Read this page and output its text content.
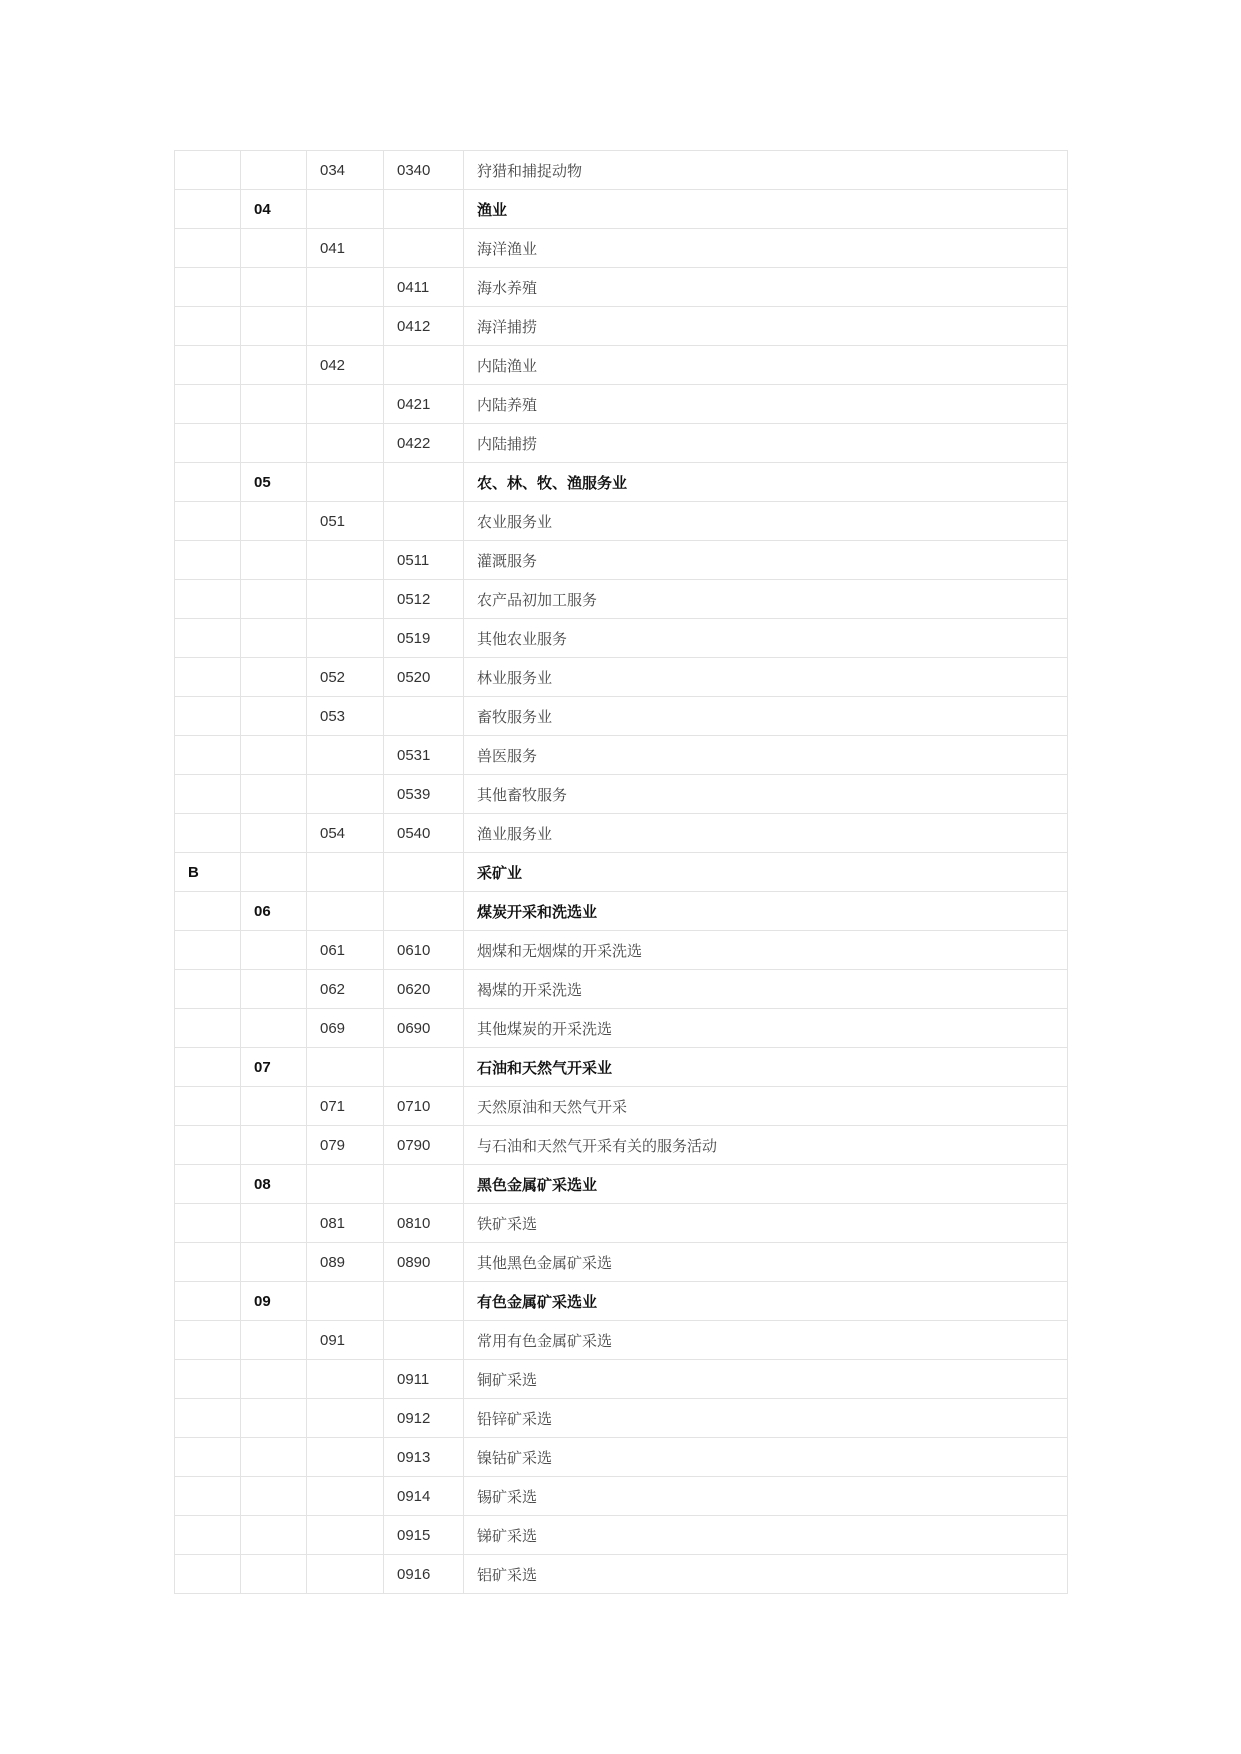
		034	0340	狩猎和捕捉动物
	04			渔业
		041		海洋渔业
			0411	海水养殖
			0412	海洋捕捞
		042		内陆渔业
			0421	内陆养殖
			0422	内陆捕捞
	05			农、林、牧、渔服务业
		051		农业服务业
			0511	灌溉服务
			0512	农产品初加工服务
			0519	其他农业服务
		052	0520	林业服务业
		053		畜牧服务业
			0531	兽医服务
			0539	其他畜牧服务
		054	0540	渔业服务业
B				采矿业
	06			煤炭开采和洗选业
		061	0610	烟煤和无烟煤的开采洗选
		062	0620	褐煤的开采洗选
		069	0690	其他煤炭的开采洗选
	07			石油和天然气开采业
		071	0710	天然原油和天然气开采
		079	0790	与石油和天然气开采有关的服务活动
	08			黑色金属矿采选业
		081	0810	铁矿采选
		089	0890	其他黑色金属矿采选
	09			有色金属矿采选业
		091		常用有色金属矿采选
			0911	铜矿采选
			0912	铅锌矿采选
			0913	镍钴矿采选
			0914	锡矿采选
			0915	锑矿采选
			0916	铝矿采选
